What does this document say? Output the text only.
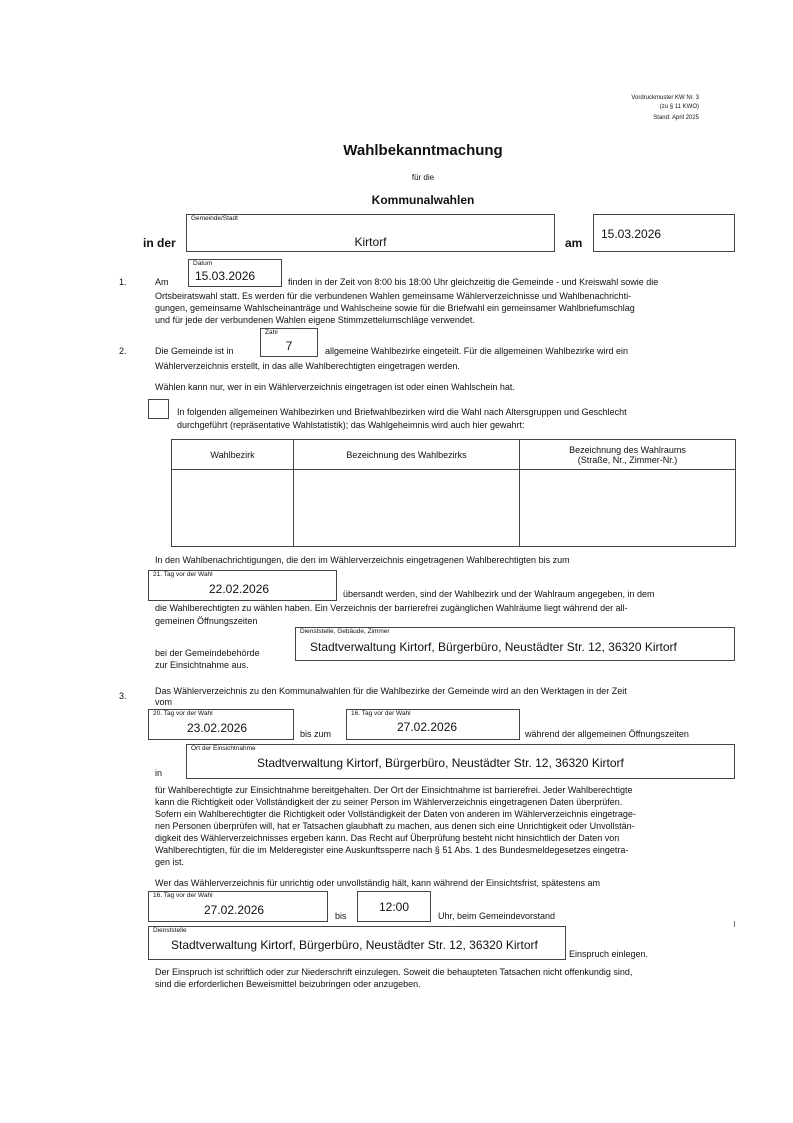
Vordruckmuster KW Nr. 3
(zu § 11 KWO)
Stand: April 2025
Wahlbekanntmachung
für die
Kommunalwahlen
in der
Gemeinde/Stadt
Kirtorf	am
15.03.2026
1.	Am
Datum
15.03.2026	finden in der Zeit von 8:00 bis 18:00 Uhr gleichzeitig die Gemeinde - und Kreiswahl sowie die
Ortsbeiratswahl statt. Es werden für die verbundenen Wahlen gemeinsame Wählerverzeichnisse und Wahlbenachrichti-
gungen, gemeinsame Wahlscheinanträge und Wahlscheine sowie für die Briefwahl ein gemeinsamer Wahlbriefumschlag
und für jede der verbundenen Wahlen eigene Stimmzettelumschläge verwendet.
2.	Die Gemeinde ist in
Zahl
7	allgemeine Wahlbezirke eingeteilt. Für die allgemeinen Wahlbezirke wird ein
Wählerverzeichnis erstellt, in das alle Wahlberechtigten eingetragen werden.
Wählen kann nur, wer in ein Wählerverzeichnis eingetragen ist oder einen Wahlschein hat.
In folgenden allgemeinen Wahlbezirken und Briefwahlbezirken wird die Wahl nach Altersgruppen und Geschlecht
durchgeführt (repräsentative Wahlstatistik); das Wahlgeheimnis wird auch hier gewahrt:
Wahlbezirk	Bezeichnung des Wahlbezirks	Bezeichnung des Wahlraums
(Straße, Nr., Zimmer-Nr.)

In den Wahlbenachrichtigungen, die den im Wählerverzeichnis eingetragenen Wahlberechtigten bis zum
21. Tag vor der Wahl
22.02.2026	übersandt werden, sind der Wahlbezirk und der Wahlraum angegeben, in dem
die Wahlberechtigten zu wählen haben. Ein Verzeichnis der barrierefrei zugänglichen Wahlräume liegt während der all-
gemeinen Öffnungszeiten
Dienststelle, Gebäude, Zimmer
Stadtverwaltung Kirtorf, Bürgerbüro, Neustädter Str. 12, 36320 Kirtorf
bei der Gemeindebehörde
zur Einsichtnahme aus.
3.	Das Wählerverzeichnis zu den Kommunalwahlen für die Wahlbezirke der Gemeinde wird an den Werktagen in der Zeit
vom
20. Tag vor der Wahl
23.02.2026	bis zum
16. Tag vor der Wahl
27.02.2026	während der allgemeinen Öffnungszeiten
in
Ort der Einsichtnahme
Stadtverwaltung Kirtorf, Bürgerbüro, Neustädter Str. 12, 36320 Kirtorf
für Wahlberechtigte zur Einsichtnahme bereitgehalten. Der Ort der Einsichtnahme ist barrierefrei. Jeder Wahlberechtigte
kann die Richtigkeit oder Vollständigkeit der zu seiner Person im Wählerverzeichnis eingetragenen Daten überprüfen.
Sofern ein Wahlberechtigter die Richtigkeit oder Vollständigkeit der Daten von anderen im Wählerverzeichnis eingetrage-
nen Personen überprüfen will, hat er Tatsachen glaubhaft zu machen, aus denen sich eine Unrichtigkeit oder Unvollstän-
digkeit des Wählerverzeichnisses ergeben kann. Das Recht auf Überprüfung besteht nicht hinsichtlich der Daten von
Wahlberechtigten, für die im Melderegister eine Auskunftssperre nach § 51 Abs. 1 des Bundesmeldegesetzes eingetra-
gen ist.
Wer das Wählerverzeichnis für unrichtig oder unvollständig hält, kann während der Einsichtsfrist, spätestens am
16. Tag vor der Wahl
27.02.2026	bis
12:00
Uhr, beim Gemeindevorstand
Dienststelle
Stadtverwaltung Kirtorf, Bürgerbüro, Neustädter Str. 12, 36320 Kirtorf
Einspruch einlegen.
Der Einspruch ist schriftlich oder zur Niederschrift einzulegen. Soweit die behaupteten Tatsachen nicht offenkundig sind,
sind die erforderlichen Beweismittel beizubringen oder anzugeben.
